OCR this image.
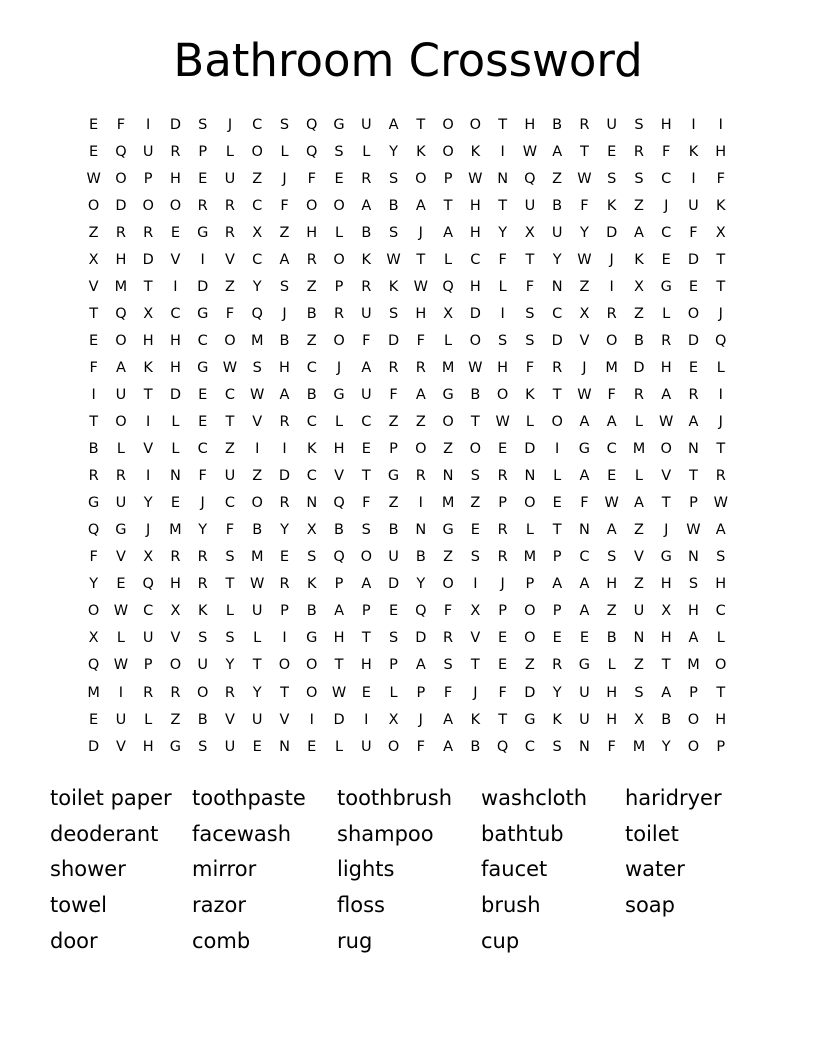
Bathroom Crossword
E	F	I	D	S	J	C	S	Q	G	U	A	T	O	O	T	H	B	R	U	S	H	I	I
E	Q	U	R	P	L	O	L	Q	S	L	Y	K	O	K	I	W	A	T	E	R	F	K	H
W O	P	H	E	U	Z	J	F	E	R	S	O	P	W	N	Q	Z	W	S	S	C	I	F
O	D	O	O	R	R	C	F	O	O	A	B	A	T	H	T	U	B	F	K	Z	J	U	K
Z	R	R	E	G	R	X	Z	H	L	B	S	J	A	H	Y	X	U	Y	D	A	C	F	X
X	H	D	V	I	V	C	A	R	O	K	W	T	L	C	F	T	Y	W	J	K	E	D	T
V	M	T	I	D	Z	Y	S	Z	P	R	K	W Q	H	L	F	N	Z	I	X	G	E	T
T	Q	X	C	G	F	Q	J	B	R	U	S	H	X	D	I	S	C	X	R	Z	L	O	J
E	O	H	H	C	O	M	B	Z	O	F	D	F	L	O	S	S	D	V	O	B	R	D	Q
F	A	K	H	G W	S	H	C	J	A	R	R	M W	H	F	R	J	M	D	H	E	L
I	U	T	D	E	C	W	A	B	G	U	F	A	G	B	O	K	T	W	F	R	A	R	I
T	O	I	L	E	T	V	R	C	L	C	Z	Z	O	T	W	L	O	A	A	L	W	A	J
B	L	V	L	C	Z	I	I	K	H	E	P	O	Z	O	E	D	I	G	C	M	O	N	T
R	R	I	N	F	U	Z	D	C	V	T	G	R	N	S	R	N	L	A	E	L	V	T	R
G	U	Y	E	J	C	O	R	N	Q	F	Z	I	M	Z	P	O	E	F	W	A	T	P	W
Q	G	J	M	Y	F	B	Y	X	B	S	B	N	G	E	R	L	T	N	A	Z	J	W	A
F	V	X	R	R	S	M	E	S	Q	O	U	B	Z	S	R	M	P	C	S	V	G	N	S
Y	E	Q	H	R	T	W	R	K	P	A	D	Y	O	I	J	P	A	A	H	Z	H	S	H
O W	C	X	K	L	U	P	B	A	P	E	Q	F	X	P	O	P	A	Z	U	X	H	C
X	L	U	V	S	S	L	I	G	H	T	S	D	R	V	E	O	E	E	B	N	H	A	L
Q W	P	O	U	Y	T	O	O	T	H	P	A	S	T	E	Z	R	G	L	Z	T	M	O
M	I	R	R	O	R	Y	T	O W	E	L	P	F	J	F	D	Y	U	H	S	A	P	T
E	U	L	Z	B	V	U	V	I	D	I	X	J	A	K	T	G	K	U	H	X	B	O	H
D	V	H	G	S	U	E	N	E	L	U	O	F	A	B	Q	C	S	N	F	M	Y	O	P
toilet paper
deoderant
shower
towel
door
toothpaste
facewash
mirror
razor
comb
toothbrush
shampoo
lights
floss
rug
washcloth
bathtub
faucet
brush
cup
haridryer
toilet
water
soap
